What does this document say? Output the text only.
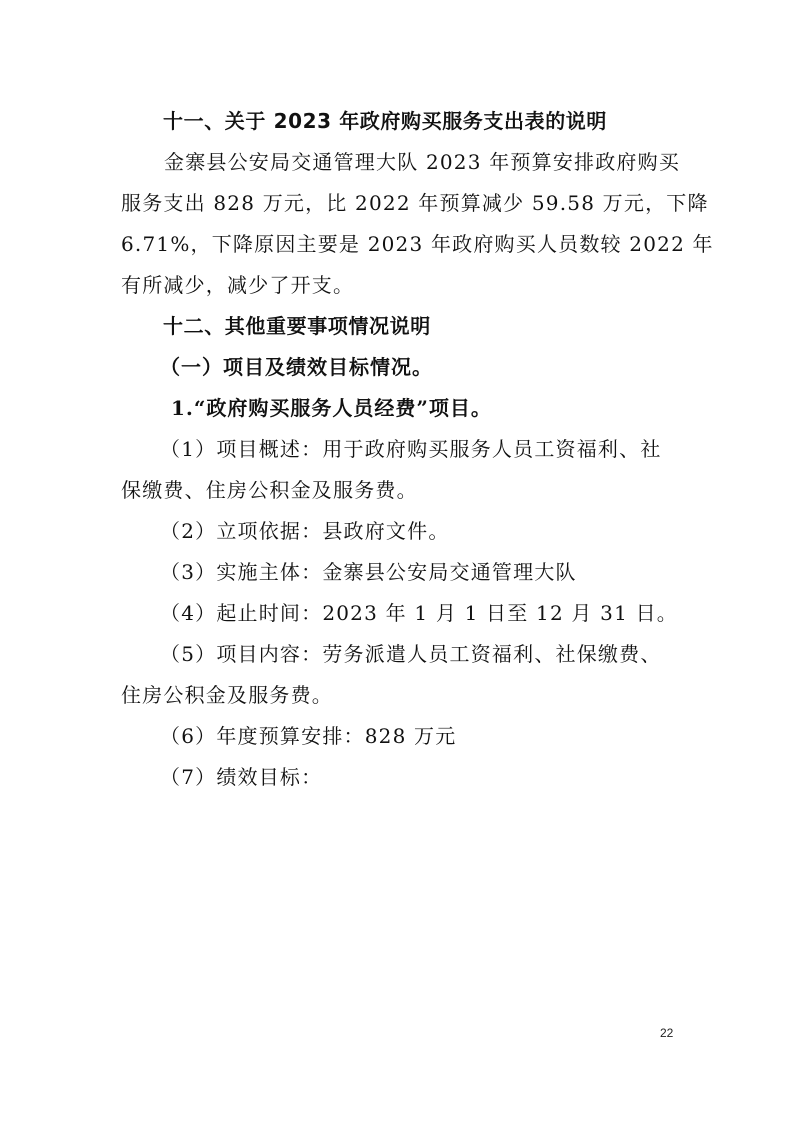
十一、关于 2023 年政府购买服务支出表的说明
金寨县公安局交通管理大队 2023 年预算安排政府购买
服务支出 828 万元，比 2022 年预算减少 59.58 万元，下降
6.71%，下降原因主要是 2023 年政府购买人员数较 2022 年
有所减少，减少了开支。
十二、其他重要事项情况说明
（一）项目及绩效目标情况。
1.“政府购买服务人员经费”项目。
（1）项目概述：用于政府购买服务人员工资福利、社
保缴费、住房公积金及服务费。
（2）立项依据：县政府文件。
（3）实施主体：金寨县公安局交通管理大队
（4）起止时间：2023 年 1 月 1 日至 12 月 31 日。
（5）项目内容：劳务派遣人员工资福利、社保缴费、
住房公积金及服务费。
（6）年度预算安排：828 万元
（7）绩效目标：
22
